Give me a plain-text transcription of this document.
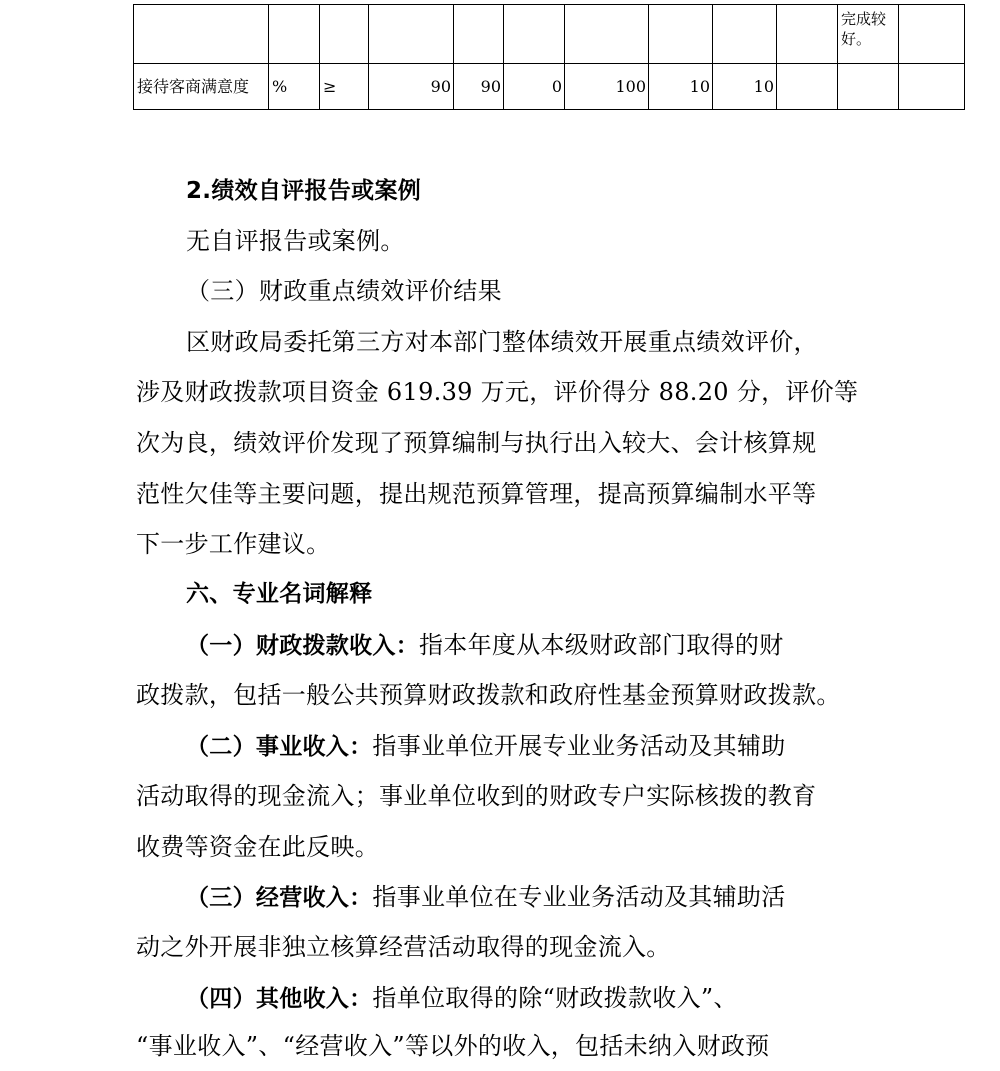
										完成较好。	
接待客商满意度	%	≥	90	90	0	100	10	10			
2.绩效自评报告或案例
无自评报告或案例。
（三）财政重点绩效评价结果
区财政局委托第三方对本部门整体绩效开展重点绩效评价，
涉及财政拨款项目资金 619.39 万元，评价得分 88.20 分，评价等
次为良，绩效评价发现了预算编制与执行出入较大、会计核算规
范性欠佳等主要问题，提出规范预算管理，提高预算编制水平等
下一步工作建议。
六、专业名词解释
（一）财政拨款收入：指本年度从本级财政部门取得的财
政拨款，包括一般公共预算财政拨款和政府性基金预算财政拨款。
（二）事业收入：指事业单位开展专业业务活动及其辅助
活动取得的现金流入；事业单位收到的财政专户实际核拨的教育
收费等资金在此反映。
（三）经营收入：指事业单位在专业业务活动及其辅助活
动之外开展非独立核算经营活动取得的现金流入。
（四）其他收入：指单位取得的除“财政拨款收入”、
“事业收入”、“经营收入”等以外的收入，包括未纳入财政预
